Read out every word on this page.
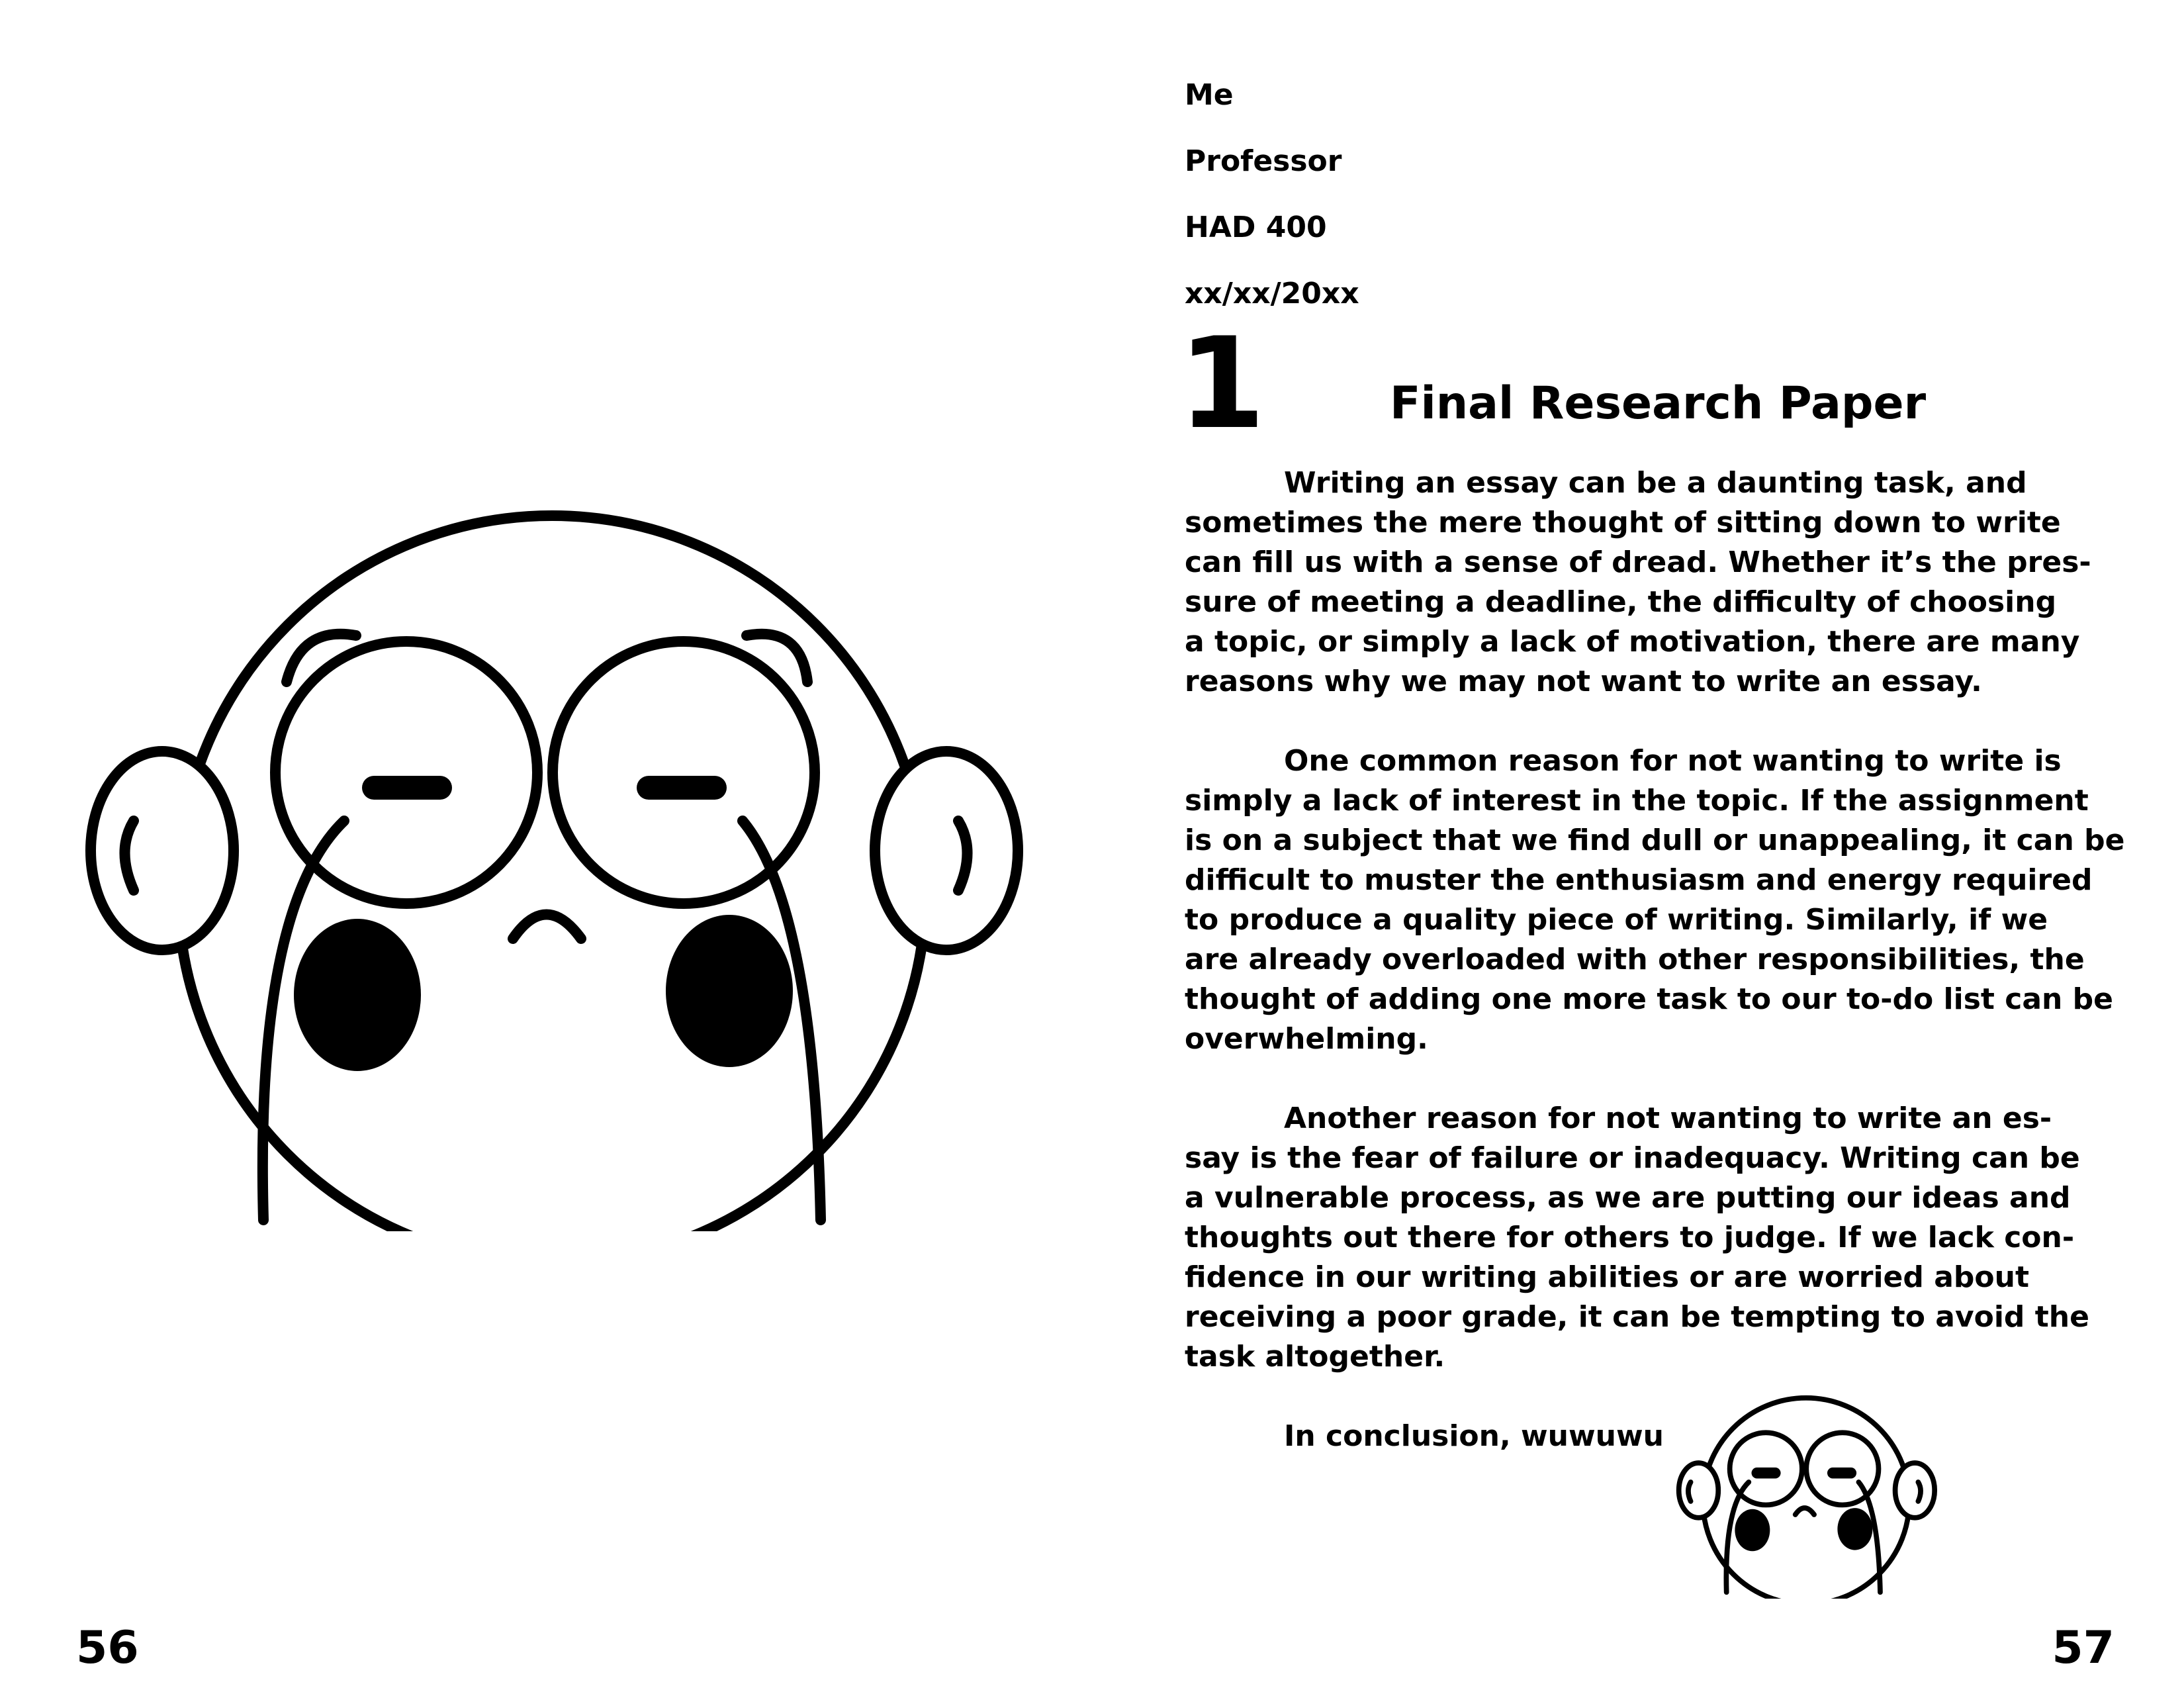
56
Me
Professor
HAD 400
xx/xx/20xx
1	Final Research Paper
Writing an essay can be a daunting task, and
sometimes the mere thought of sitting down to write
can fill us with a sense of dread. Whether it’s the pres-
sure of meeting a deadline, the difficulty of choosing
a topic, or simply a lack of motivation, there are many
reasons why we may not want to write an essay.
One common reason for not wanting to write is
simply a lack of interest in the topic. If the assignment
is on a subject that we find dull or unappealing, it can be
difficult to muster the enthusiasm and energy required
to produce a quality piece of writing. Similarly, if we
are already overloaded with other responsibilities, the
thought of adding one more task to our to-do list can be
overwhelming.
Another reason for not wanting to write an es-
say is the fear of failure or inadequacy. Writing can be
a vulnerable process, as we are putting our ideas and
thoughts out there for others to judge. If we lack con-
fidence in our writing abilities or are worried about
receiving a poor grade, it can be tempting to avoid the
task altogether.
In conclusion, wuwuwu
57
